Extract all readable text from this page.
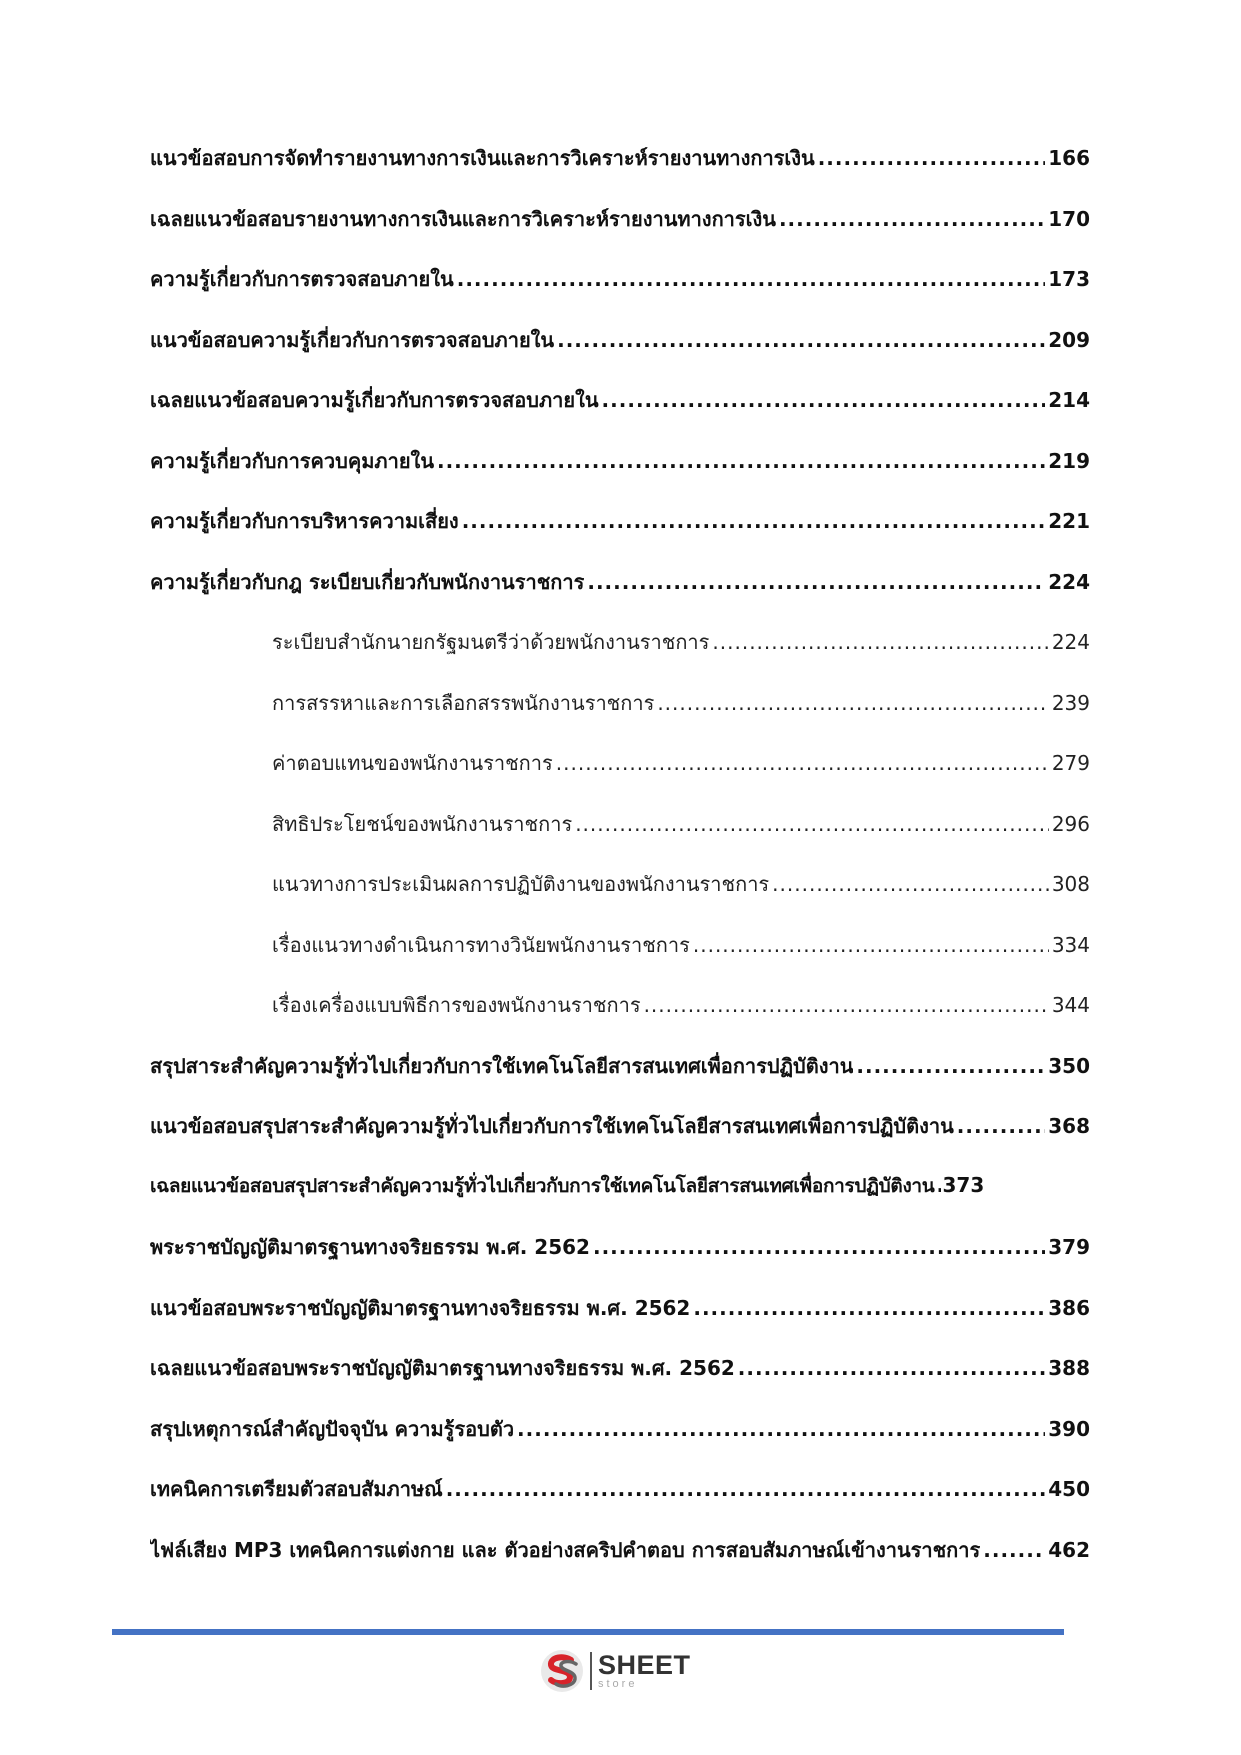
แนวข้อสอบการจัดทำรายงานทางการเงินและการวิเคราะห์รายงานทางการเงิน .....	166
เฉลยแนวข้อสอบรายงานทางการเงินและการวิเคราะห์รายงานทางการเงิน .....	170
ความรู้เกี่ยวกับการตรวจสอบภายใน .....	173
แนวข้อสอบความรู้เกี่ยวกับการตรวจสอบภายใน .....	209
เฉลยแนวข้อสอบความรู้เกี่ยวกับการตรวจสอบภายใน .....	214
ความรู้เกี่ยวกับการควบคุมภายใน .....	219
ความรู้เกี่ยวกับการบริหารความเสี่ยง .....	221
ความรู้เกี่ยวกับกฎ ระเบียบเกี่ยวกับพนักงานราชการ .....	224
ระเบียบสำนักนายกรัฐมนตรีว่าด้วยพนักงานราชการ .....	224
การสรรหาและการเลือกสรรพนักงานราชการ .....	239
ค่าตอบแทนของพนักงานราชการ .....	279
สิทธิประโยชน์ของพนักงานราชการ .....	296
แนวทางการประเมินผลการปฏิบัติงานของพนักงานราชการ .....	308
เรื่องแนวทางดำเนินการทางวินัยพนักงานราชการ .....	334
เรื่องเครื่องแบบพิธีการของพนักงานราชการ .....	344
สรุปสาระสำคัญความรู้ทั่วไปเกี่ยวกับการใช้เทคโนโลยีสารสนเทศเพื่อการปฏิบัติงาน .....	350
แนวข้อสอบสรุปสาระสำคัญความรู้ทั่วไปเกี่ยวกับการใช้เทคโนโลยีสารสนเทศเพื่อการปฏิบัติงาน .....	368
เฉลยแนวข้อสอบสรุปสาระสำคัญความรู้ทั่วไปเกี่ยวกับการใช้เทคโนโลยีสารสนเทศเพื่อการปฏิบัติงาน ..... 373
พระราชบัญญัติมาตรฐานทางจริยธรรม พ.ศ. 2562 .....	379
แนวข้อสอบพระราชบัญญัติมาตรฐานทางจริยธรรม พ.ศ. 2562 .....	386
เฉลยแนวข้อสอบพระราชบัญญัติมาตรฐานทางจริยธรรม พ.ศ. 2562 .....	388
สรุปเหตุการณ์สำคัญปัจจุบัน ความรู้รอบตัว .....	390
เทคนิคการเตรียมตัวสอบสัมภาษณ์ .....	450
ไฟล์เสียง MP3 เทคนิคการแต่งกาย และ ตัวอย่างสคริปคำตอบ การสอบสัมภาษณ์เข้างานราชการ .....	462
SHEET
store
